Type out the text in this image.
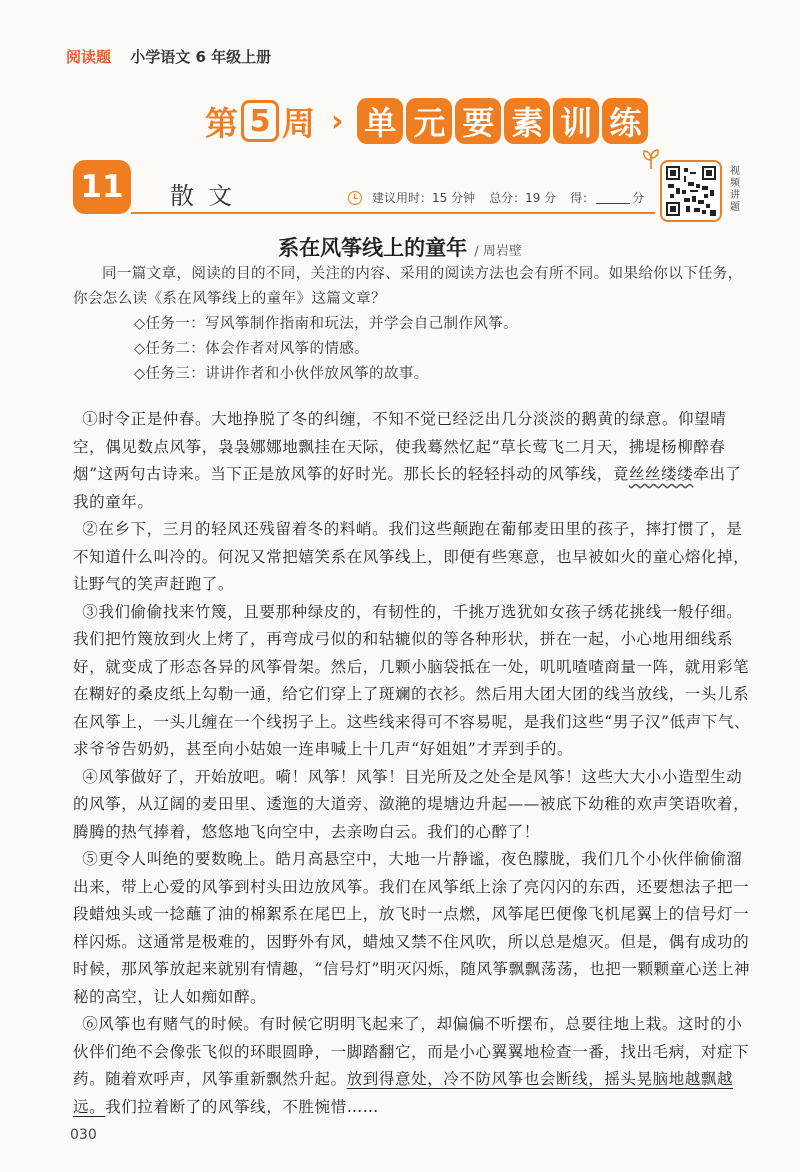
阅读题 小学语文 6 年级上册
第 5 周 › 单 元 要 素 训 练
11	散文	建议用时：15 分钟 总分：19 分 得：	分
视频讲题
系在风筝线上的童年 / 周岩壁

同一篇文章，阅读的目的不同，关注的内容、采用的阅读方法也会有所不同。如果给你以下任务，你会怎么读《系在风筝线上的童年》这篇文章？

◇任务一：写风筝制作指南和玩法，并学会自己制作风筝。

◇任务二：体会作者对风筝的情感。

◇任务三：讲讲作者和小伙伴放风筝的故事。

①时令正是仲春。大地挣脱了冬的纠缠，不知不觉已经泛出几分淡淡的鹅黄的绿意。仰望晴空，偶见数点风筝，袅袅娜娜地飘挂在天际，使我蓦然忆起“草长莺飞二月天，拂堤杨柳醉春烟”这两句古诗来。当下正是放风筝的好时光。那长长的轻轻抖动的风筝线，竟丝丝缕缕牵出了我的童年。

②在乡下，三月的轻风还残留着冬的料峭。我们这些颠跑在葡郁麦田里的孩子，摔打惯了，是不知道什么叫冷的。何况又常把嬉笑系在风筝线上，即便有些寒意，也早被如火的童心熔化掉，让野气的笑声赶跑了。

③我们偷偷找来竹篾，且要那种绿皮的，有韧性的，千挑万选犹如女孩子绣花挑线一般仔细。我们把竹篾放到火上烤了，再弯成弓似的和轱辘似的等各种形状，拼在一起，小心地用细线系好，就变成了形态各异的风筝骨架。然后，几颗小脑袋抵在一处，叽叽喳喳商量一阵，就用彩笔在糊好的桑皮纸上勾勒一通，给它们穿上了斑斓的衣衫。然后用大团大团的线当放线，一头儿系在风筝上，一头儿缠在一个线拐子上。这些线来得可不容易呢，是我们这些“男子汉”低声下气、求爷爷告奶奶，甚至向小姑娘一连串喊上十几声“好姐姐”才弄到手的。

④风筝做好了，开始放吧。嗬！风筝！风筝！目光所及之处全是风筝！这些大大小小造型生动的风筝，从辽阔的麦田里、逶迤的大道旁、潋滟的堤塘边升起——被底下幼稚的欢声笑语吹着，腾腾的热气捧着，悠悠地飞向空中，去亲吻白云。我们的心醉了！

⑤更令人叫绝的要数晚上。皓月高悬空中，大地一片静谧，夜色朦胧，我们几个小伙伴偷偷溜出来，带上心爱的风筝到村头田边放风筝。我们在风筝纸上涂了亮闪闪的东西，还要想法子把一段蜡烛头或一捻蘸了油的棉絮系在尾巴上，放飞时一点燃，风筝尾巴便像飞机尾翼上的信号灯一样闪烁。这通常是极难的，因野外有风，蜡烛又禁不住风吹，所以总是熄灭。但是，偶有成功的时候，那风筝放起来就别有情趣，“信号灯”明灭闪烁，随风筝飘飘荡荡，也把一颗颗童心送上神秘的高空，让人如痴如醉。

⑥风筝也有赌气的时候。有时候它明明飞起来了，却偏偏不听摆布，总要往地上栽。这时的小伙伴们绝不会像张飞似的环眼圆睁，一脚踏翻它，而是小心翼翼地检查一番，找出毛病，对症下药。随着欢呼声，风筝重新飘然升起。放到得意处，冷不防风筝也会断线，摇头晃脑地越飘越远。我们拉着断了的风筝线，不胜惋惜……

030
